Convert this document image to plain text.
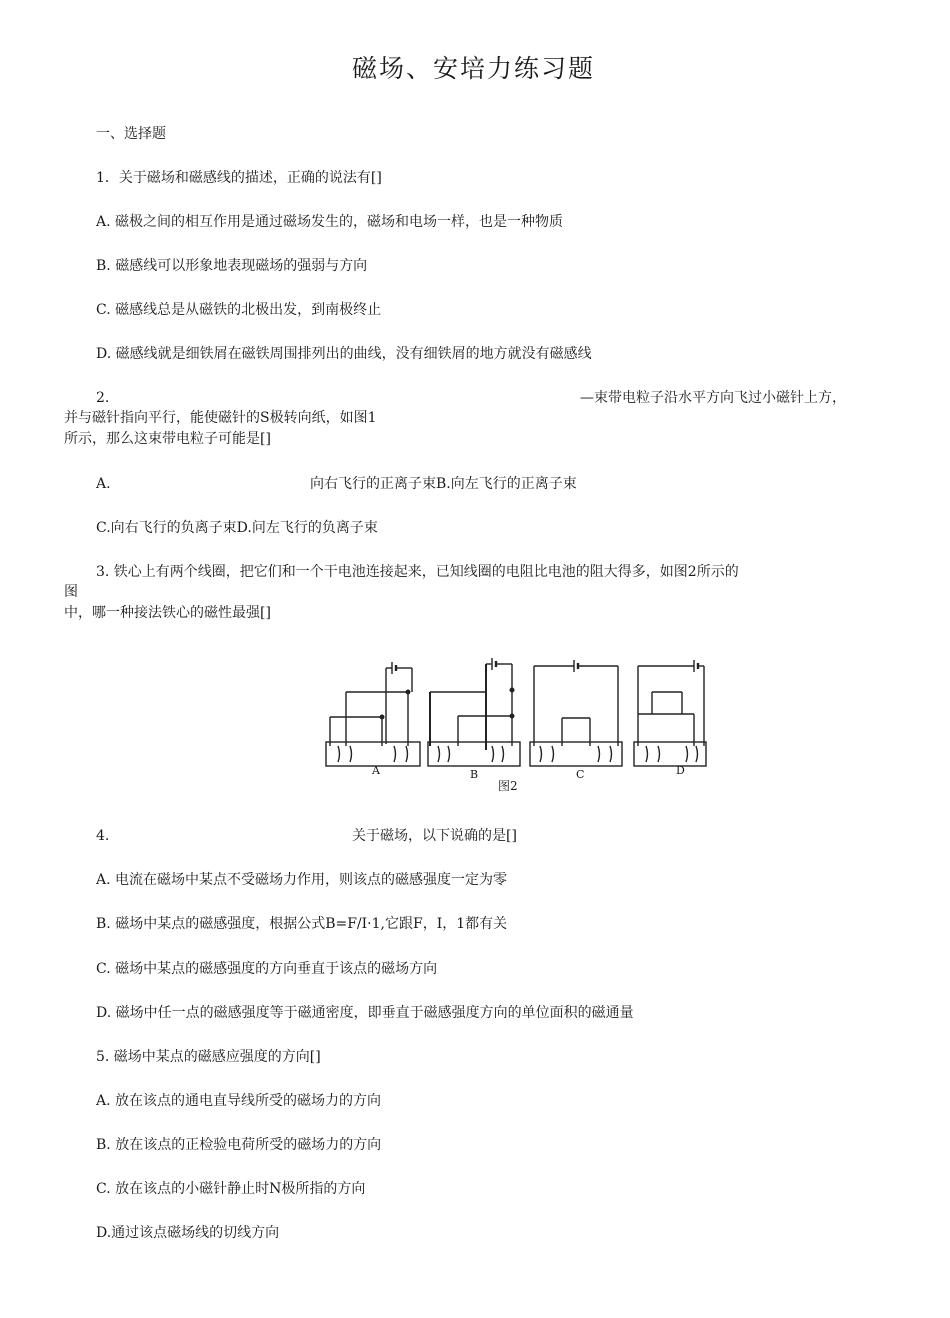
磁场、安培力练习题
一、选择题
1．关于磁场和磁感线的描述，正确的说法有[]
A. 磁极之间的相互作用是通过磁场发生的，磁场和电场一样，也是一种物质
B. 磁感线可以形象地表现磁场的强弱与方向
C. 磁感线总是从磁铁的北极出发，到南极终止
D. 磁感线就是细铁屑在磁铁周围排列出的曲线，没有细铁屑的地方就没有磁感线
2.	—束带电粒子沿水平方向飞过小磁针上方，
并与磁针指向平行，能使磁针的S极转向纸，如图1
所示，那么这束带电粒子可能是[]
A.	向右飞行的正离子束B.向左飞行的正离子束
C.向右飞行的负离子束D.问左飞行的负离子束
3. 铁心上有两个线圈，把它们和一个干电池连接起来，已知线圈的电阻比电池的阻大得多，如图2所示的
图
中，哪一种接法铁心的磁性最强[]
A	B	C	D
图2
4.	关于磁场，以下说确的是[]
A. 电流在磁场中某点不受磁场力作用，则该点的磁感强度一定为零
B. 磁场中某点的磁感强度，根据公式B=F/I·1,它跟F，I，1都有关
C. 磁场中某点的磁感强度的方向垂直于该点的磁场方向
D. 磁场中任一点的磁感强度等于磁通密度，即垂直于磁感强度方向的单位面积的磁通量
5. 磁场中某点的磁感应强度的方向[]
A. 放在该点的通电直导线所受的磁场力的方向
B. 放在该点的正检验电荷所受的磁场力的方向
C. 放在该点的小磁针静止时N极所指的方向
D.通过该点磁场线的切线方向
